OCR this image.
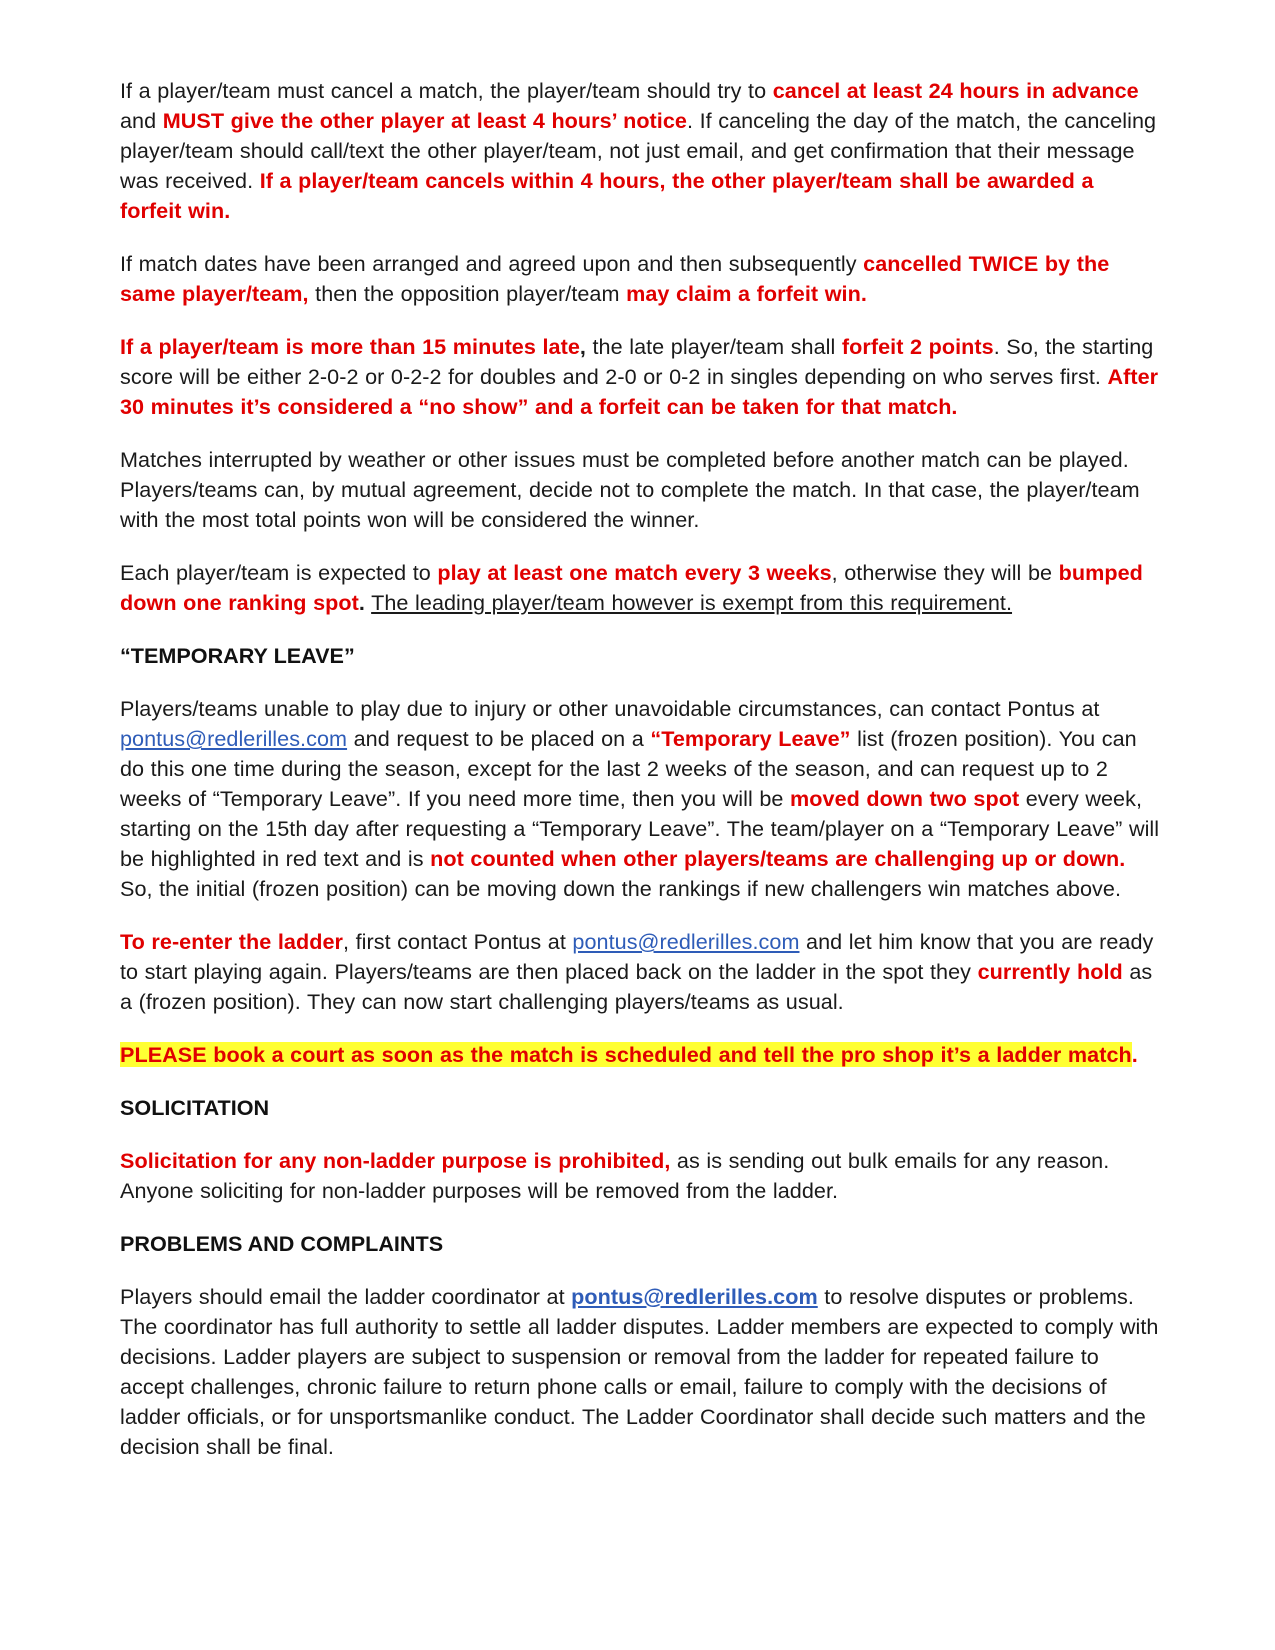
If a player/team must cancel a match, the player/team should try to cancel at least 24 hours in advance and MUST give the other player at least 4 hours’ notice. If canceling the day of the match, the canceling player/team should call/text the other player/team, not just email, and get confirmation that their message was received. If a player/team cancels within 4 hours, the other player/team shall be awarded a forfeit win.

If match dates have been arranged and agreed upon and then subsequently cancelled TWICE by the same player/team, then the opposition player/team may claim a forfeit win.

If a player/team is more than 15 minutes late, the late player/team shall forfeit 2 points. So, the starting score will be either 2-0-2 or 0-2-2 for doubles and 2-0 or 0-2 in singles depending on who serves first. After 30 minutes it’s considered a “no show” and a forfeit can be taken for that match.

Matches interrupted by weather or other issues must be completed before another match can be played. Players/teams can, by mutual agreement, decide not to complete the match. In that case, the player/team with the most total points won will be considered the winner.

Each player/team is expected to play at least one match every 3 weeks, otherwise they will be bumped down one ranking spot. The leading player/team however is exempt from this requirement.

“TEMPORARY LEAVE”

Players/teams unable to play due to injury or other unavoidable circumstances, can contact Pontus at pontus@redlerilles.com and request to be placed on a “Temporary Leave” list (frozen position). You can do this one time during the season, except for the last 2 weeks of the season, and can request up to 2 weeks of “Temporary Leave”. If you need more time, then you will be moved down two spot every week, starting on the 15th day after requesting a “Temporary Leave”. The team/player on a “Temporary Leave” will be highlighted in red text and is not counted when other players/teams are challenging up or down. So, the initial (frozen position) can be moving down the rankings if new challengers win matches above.

To re-enter the ladder, first contact Pontus at pontus@redlerilles.com and let him know that you are ready to start playing again. Players/teams are then placed back on the ladder in the spot they currently hold as a (frozen position). They can now start challenging players/teams as usual.

PLEASE book a court as soon as the match is scheduled and tell the pro shop it’s a ladder match.

SOLICITATION

Solicitation for any non-ladder purpose is prohibited, as is sending out bulk emails for any reason. Anyone soliciting for non-ladder purposes will be removed from the ladder.

PROBLEMS AND COMPLAINTS

Players should email the ladder coordinator at pontus@redlerilles.com to resolve disputes or problems. The coordinator has full authority to settle all ladder disputes. Ladder members are expected to comply with decisions. Ladder players are subject to suspension or removal from the ladder for repeated failure to accept challenges, chronic failure to return phone calls or email, failure to comply with the decisions of ladder officials, or for unsportsmanlike conduct. The Ladder Coordinator shall decide such matters and the decision shall be final.
